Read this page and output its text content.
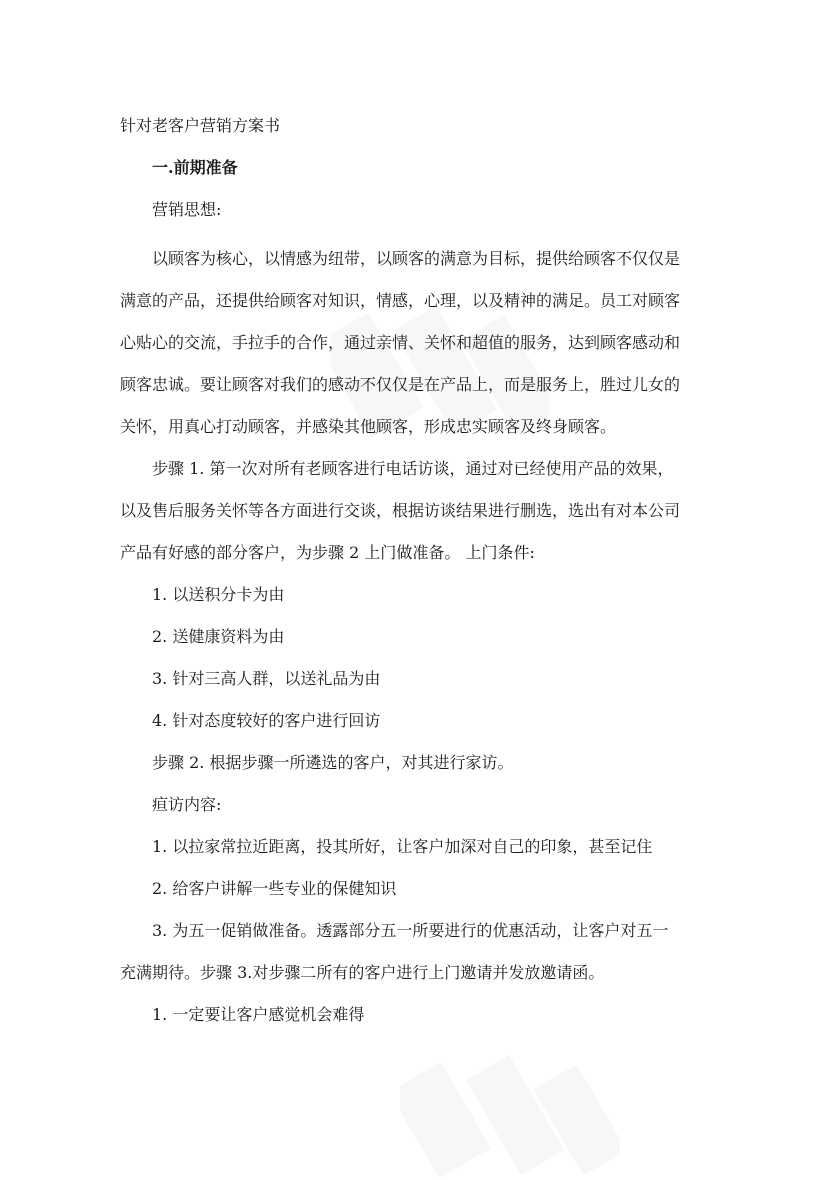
针对老客户营销方案书

一.前期准备

营销思想:

以顾客为核心，以情感为纽带，以顾客的满意为目标，提供给顾客不仅仅是

满意的产品，还提供给顾客对知识，情感，心理，以及精神的满足。员工对顾客

心贴心的交流，手拉手的合作，通过亲情、关怀和超值的服务，达到顾客感动和

顾客忠诚。要让顾客对我们的感动不仅仅是在产品上，而是服务上，胜过儿女的

关怀，用真心打动顾客，并感染其他顾客，形成忠实顾客及终身顾客。

步骤 1. 第一次对所有老顾客进行电话访谈，通过对已经使用产品的效果，

以及售后服务关怀等各方面进行交谈，根据访谈结果进行删选，选出有对本公司

产品有好感的部分客户，为步骤 2 上门做准备。 上门条件:

1. 以送积分卡为由

2. 送健康资料为由

3. 针对三高人群，以送礼品为由

4. 针对态度较好的客户进行回访

步骤 2. 根据步骤一所遴选的客户，对其进行家访。

疸访内容:

1. 以拉家常拉近距离，投其所好，让客户加深对自己的印象，甚至记住

2. 给客户讲解一些专业的保健知识

3. 为五一促销做准备。透露部分五一所要进行的优惠活动，让客户对五一

充满期待。步骤 3.对步骤二所有的客户进行上门邀请并发放邀请函。

1. 一定要让客户感觉机会难得
